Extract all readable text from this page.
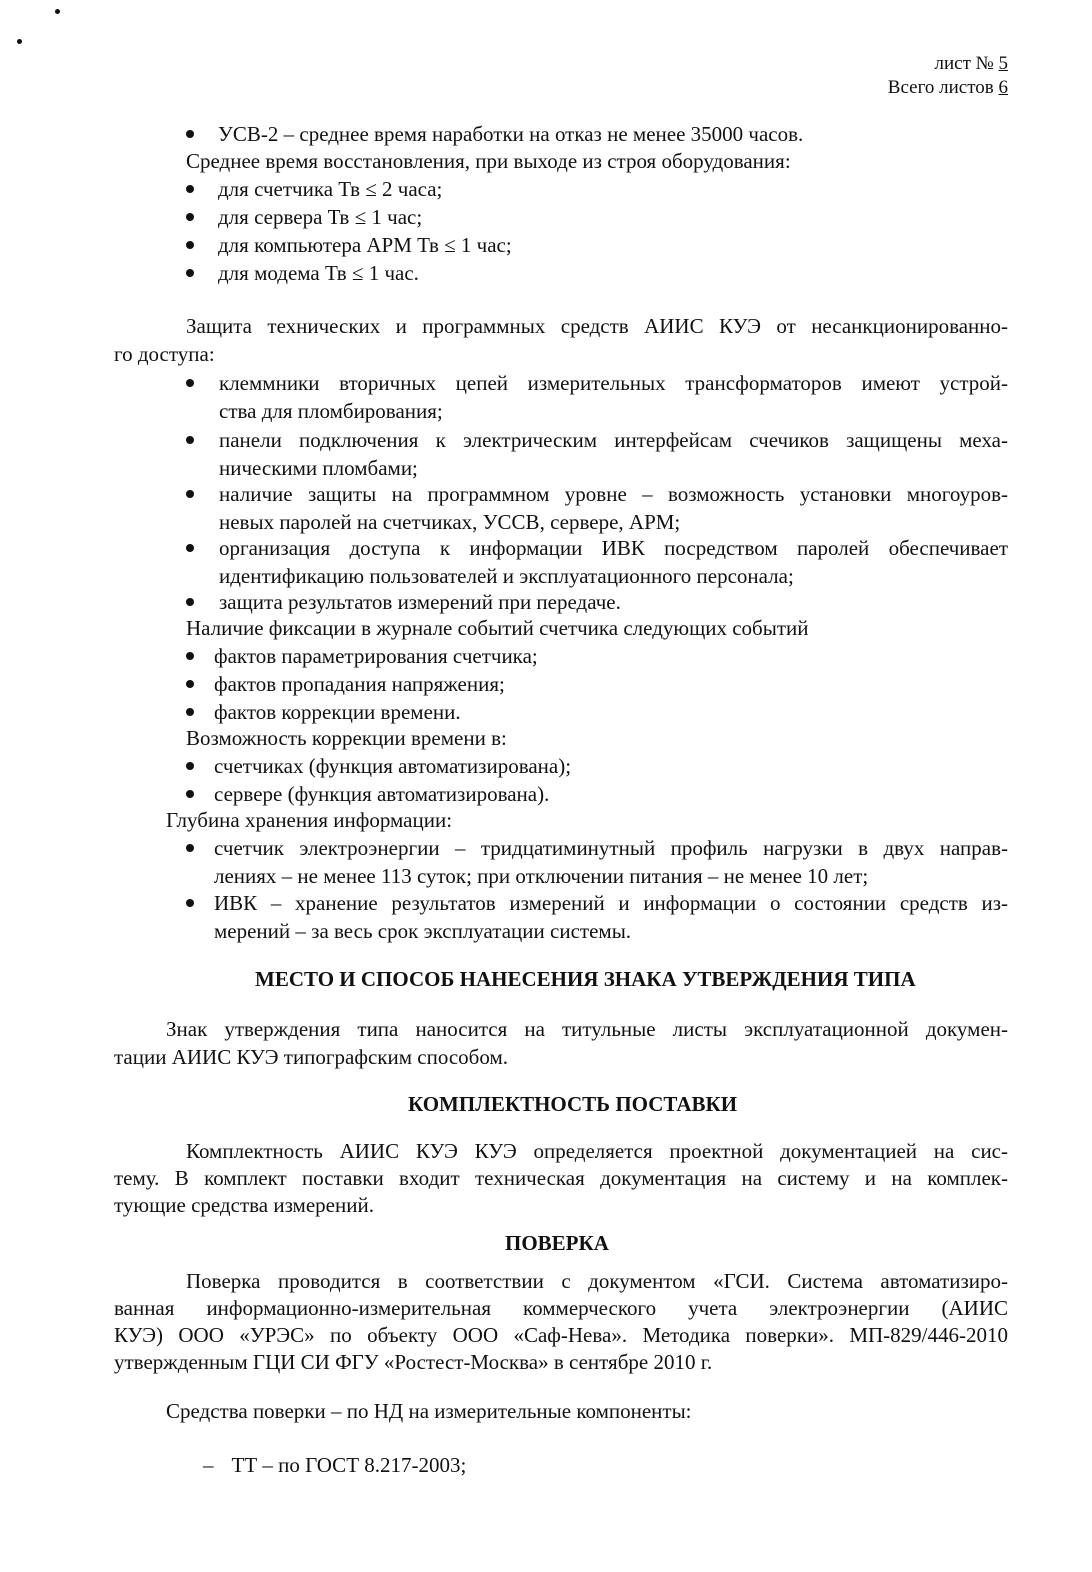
лист № 5
Всего листов 6
УСВ-2 – среднее время наработки на отказ не менее 35000 часов.
Среднее время восстановления, при выходе из строя оборудования:
для счетчика Тв ≤ 2 часа;
для сервера Тв ≤ 1 час;
для компьютера АРМ Тв ≤ 1 час;
для модема Тв ≤ 1 час.
Защита технических и программных средств АИИС КУЭ от несанкционированно-
го доступа:
клеммники вторичных цепей измерительных трансформаторов имеют устрой-
ства для пломбирования;
панели подключения к электрическим интерфейсам счечиков защищены меха-
ническими пломбами;
наличие защиты на программном уровне – возможность установки многоуров-
невых паролей на счетчиках, УССВ, сервере, АРМ;
организация доступа к информации ИВК посредством паролей обеспечивает
идентификацию пользователей и эксплуатационного персонала;
защита результатов измерений при передаче.
Наличие фиксации в журнале событий счетчика следующих событий
фактов параметрирования счетчика;
фактов пропадания напряжения;
фактов коррекции времени.
Возможность коррекции времени в:
счетчиках (функция автоматизирована);
сервере (функция автоматизирована).
Глубина хранения информации:
счетчик электроэнергии – тридцатиминутный профиль нагрузки в двух направ-
лениях – не менее 113 суток; при отключении питания – не менее 10 лет;
ИВК – хранение результатов измерений и информации о состоянии средств из-
мерений – за весь срок эксплуатации системы.
МЕСТО И СПОСОБ НАНЕСЕНИЯ ЗНАКА УТВЕРЖДЕНИЯ ТИПА
Знак утверждения типа наносится на титульные листы эксплуатационной докумен-
тации АИИС КУЭ типографским способом.
КОМПЛЕКТНОСТЬ ПОСТАВКИ
Комплектность АИИС КУЭ КУЭ определяется проектной документацией на сис-
тему. В комплект поставки входит техническая документация на систему и на комплек-
тующие средства измерений.
ПОВЕРКА
Поверка проводится в соответствии с документом «ГСИ. Система автоматизиро-
ванная информационно-измерительная коммерческого учета электроэнергии (АИИС
КУЭ) ООО «УРЭС» по объекту ООО «Саф-Нева». Методика поверки». МП-829/446-2010
утвержденным ГЦИ СИ ФГУ «Ростест-Москва» в сентябре 2010 г.
Средства поверки – по НД на измерительные компоненты:
– ТТ – по ГОСТ 8.217-2003;
